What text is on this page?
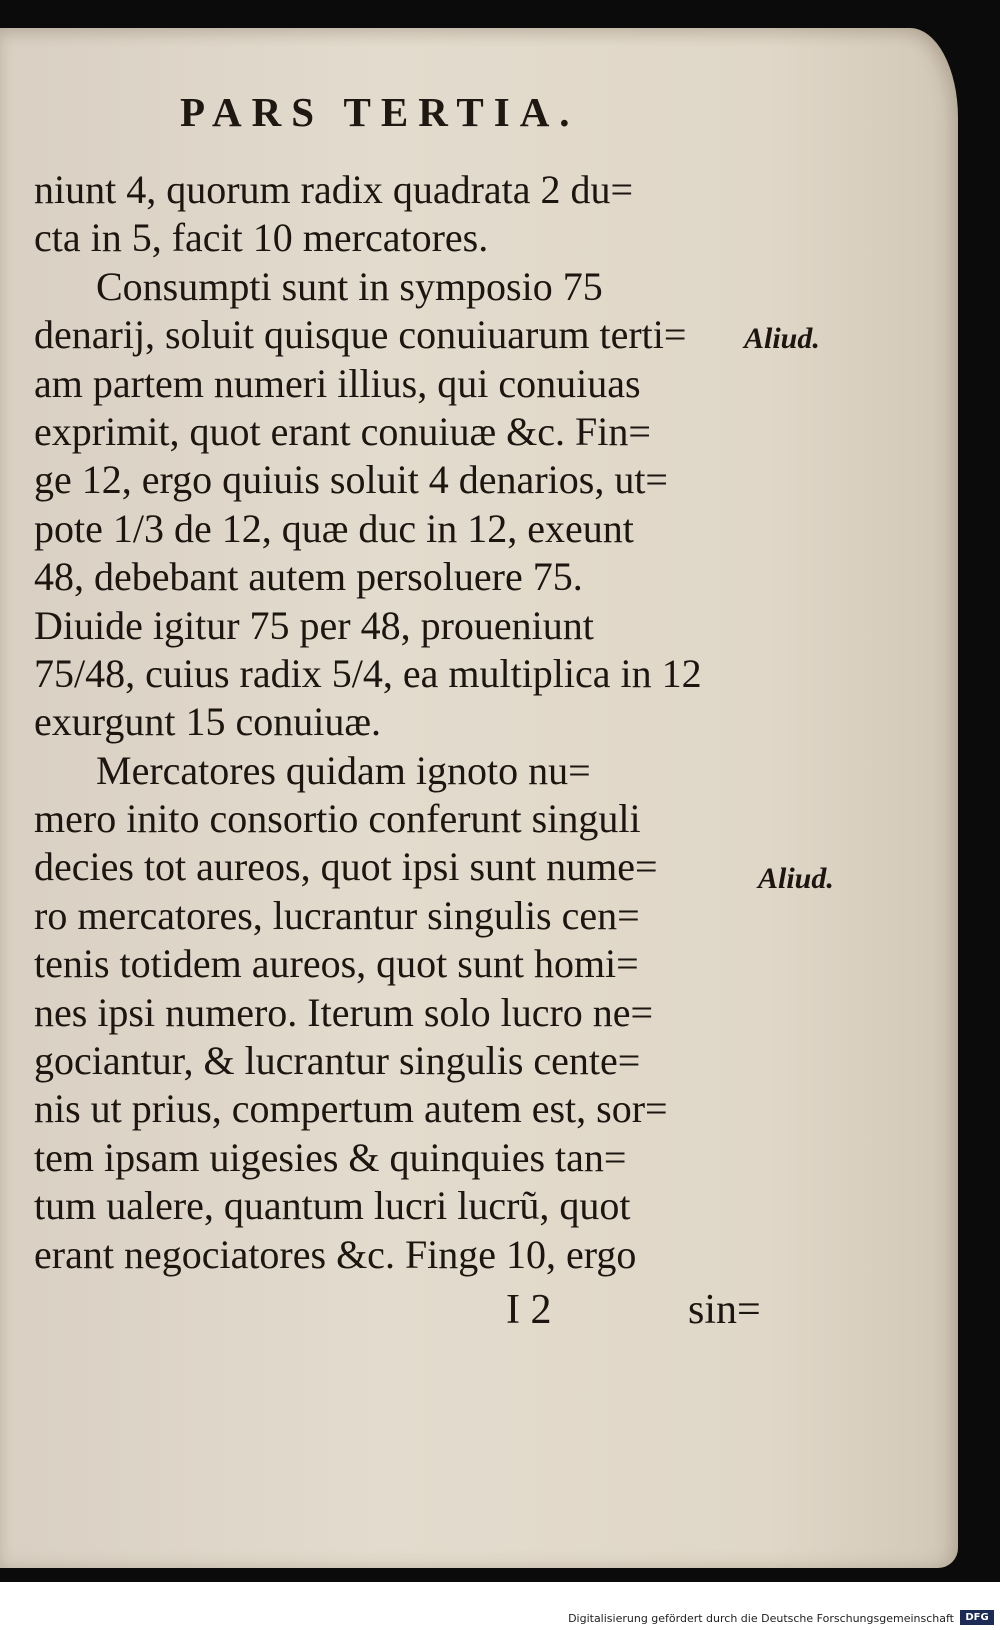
PARS TERTIA.
niunt 4, quorum radix quadrata 2 du=
cta in 5, facit 10 mercatores.
Consumpti sunt in symposio 75
denarij, soluit quisque conuiuarum terti=
am partem numeri illius, qui conuiuas
exprimit, quot erant conuiuæ &c. Fin=
ge 12, ergo quiuis soluit 4 denarios, ut=
pote 1/3 de 12, quæ duc in 12, exeunt
48, debebant autem persoluere 75.
Diuide igitur 75 per 48, proueniunt
75/48, cuius radix 5/4, ea multiplica in 12
exurgunt 15 conuiuæ.
Mercatores quidam ignoto nu=
mero inito consortio conferunt singuli
decies tot aureos, quot ipsi sunt nume=
ro mercatores, lucrantur singulis cen=
tenis totidem aureos, quot sunt homi=
nes ipsi numero. Iterum solo lucro ne=
gociantur, & lucrantur singulis cente=
nis ut prius, compertum autem est, sor=
tem ipsam uigesies & quinquies tan=
tum ualere, quantum lucri lucrũ, quot
erant negociatores &c. Finge 10, ergo
Aliud.
Aliud.
I 2	sin=
Digitalisierung gefördert durch die Deutsche Forschungsgemeinschaft	DFG
